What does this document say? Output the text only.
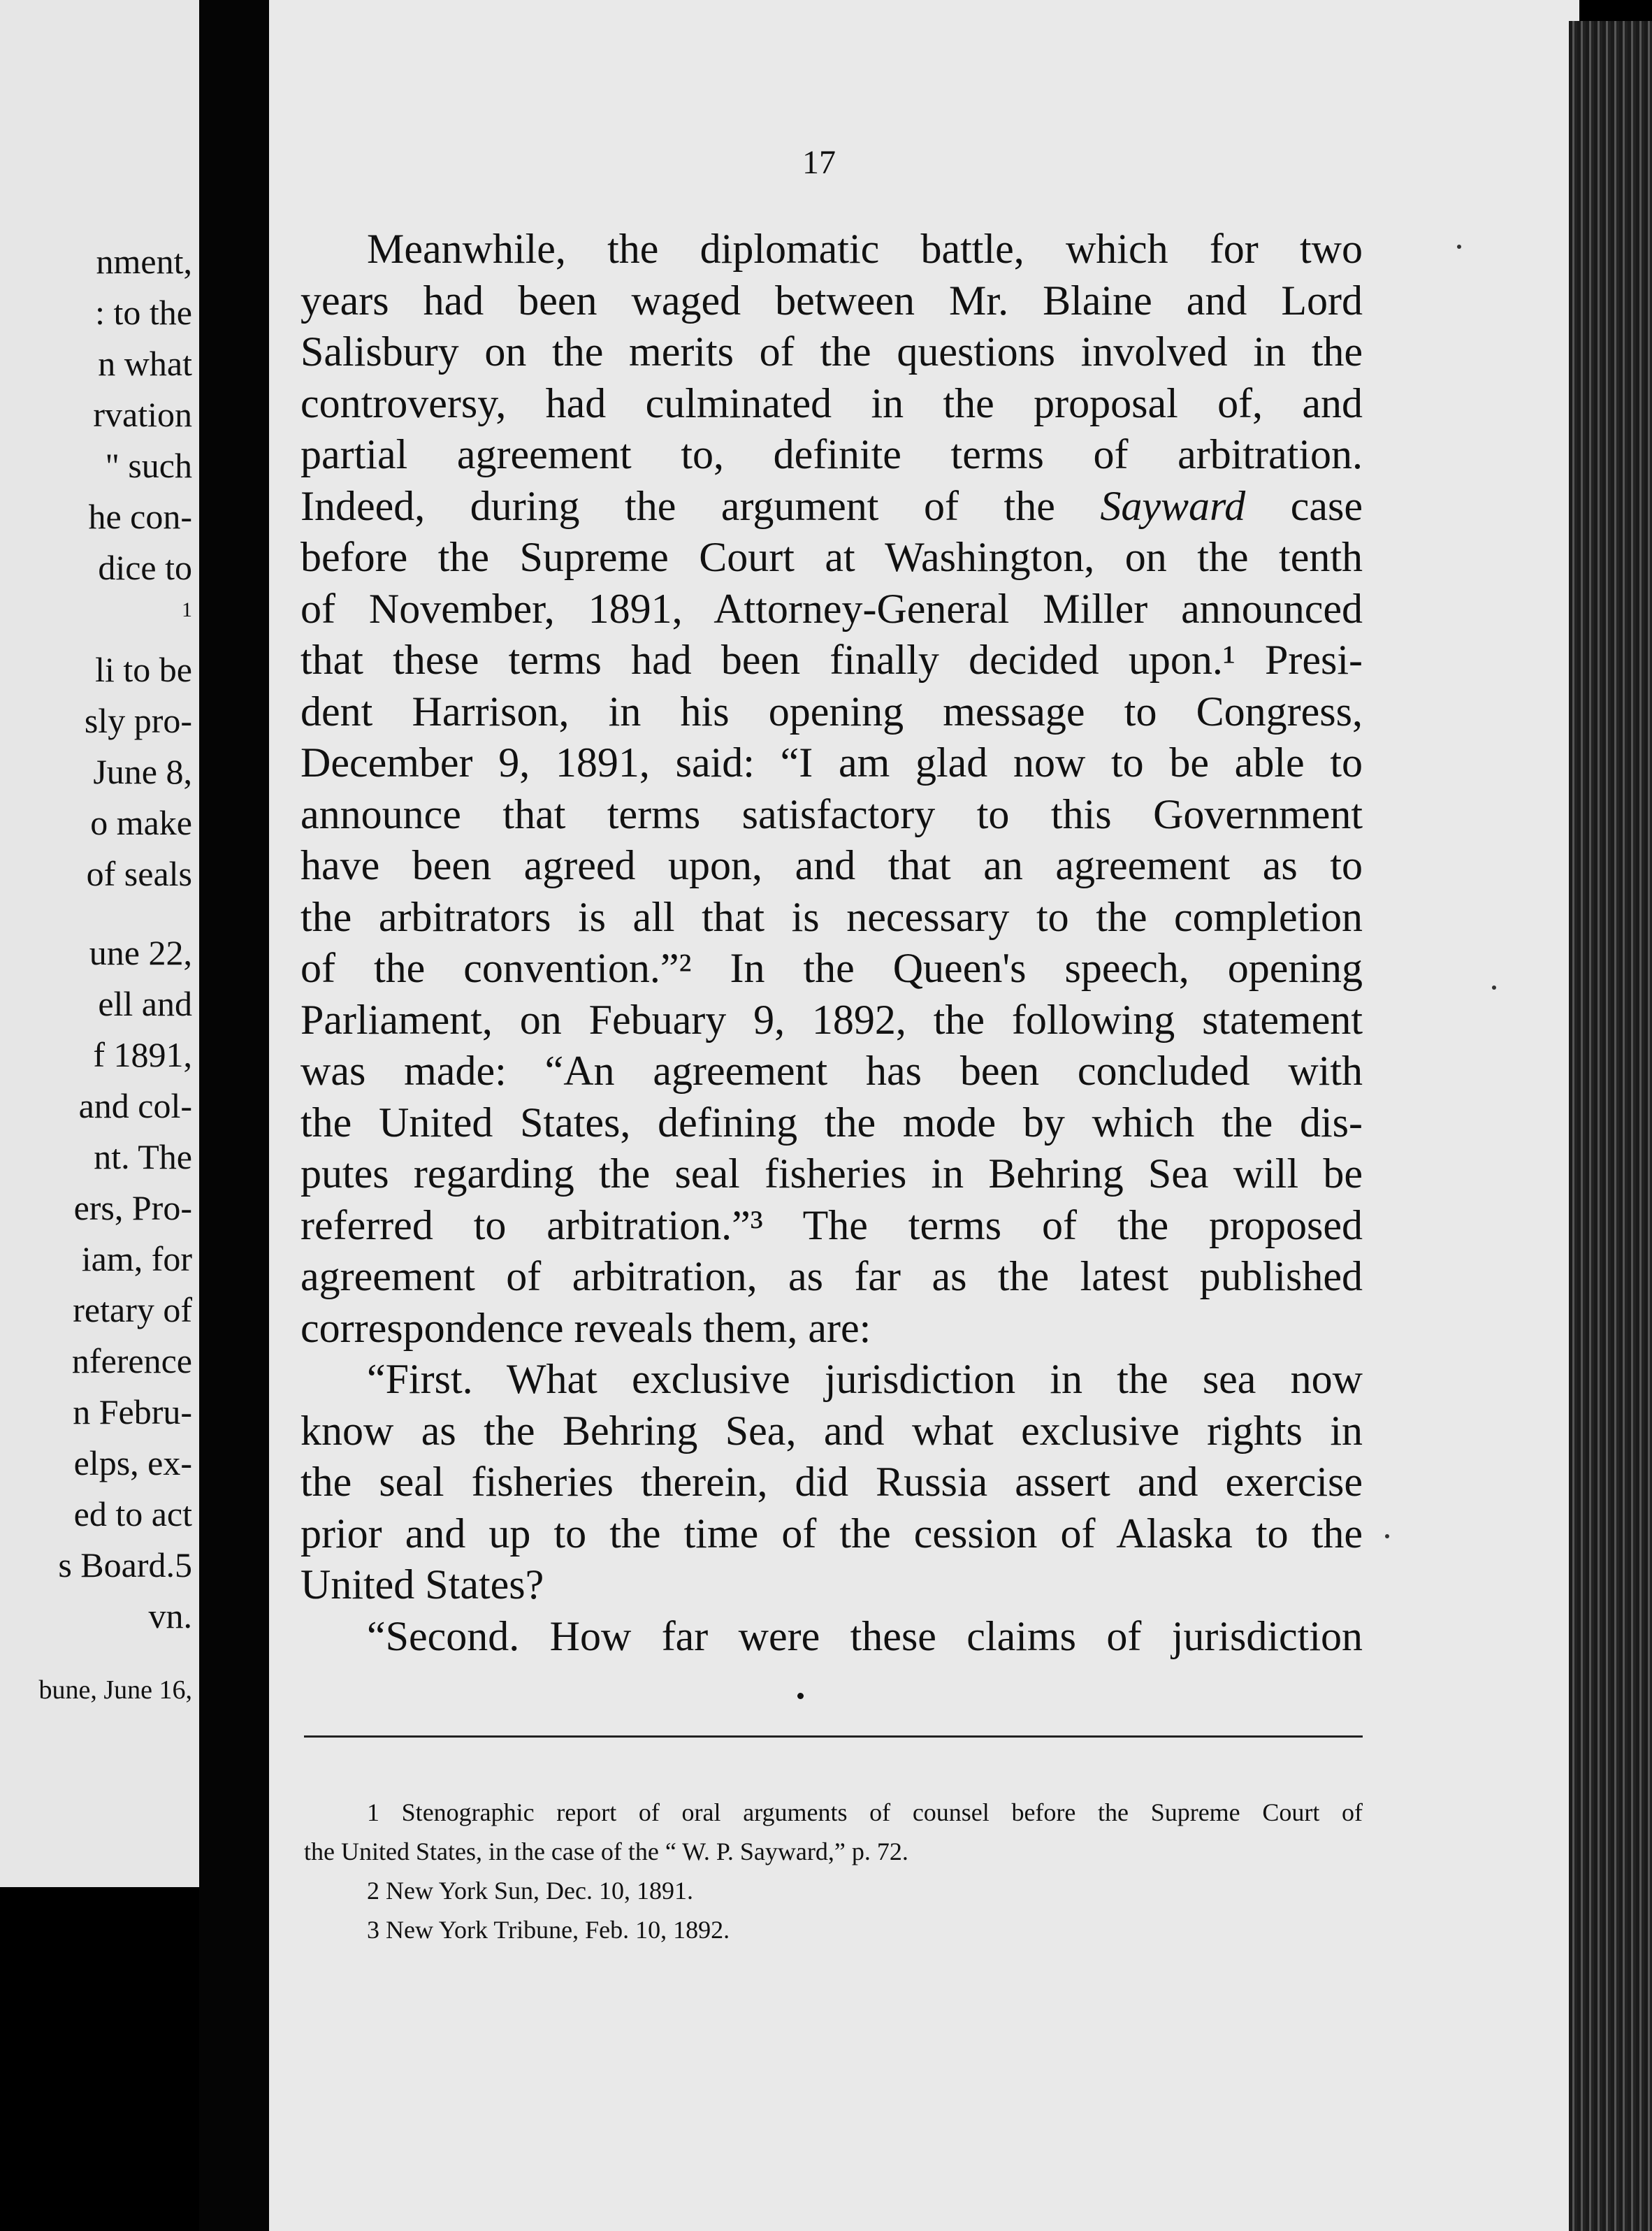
nment,
: to the
n what
rvation
" such
he con-
dice to
1
li to be
sly pro-
June 8,
o make
of seals
une 22,
ell and
f 1891,
and col-
nt. The
ers, Pro-
iam, for
retary of
nference
n Febru-
elps, ex-
ed to act
s Board.5
vn.
bune, June 16,
17
Meanwhile, the diplomatic battle, which for two
years had been waged between Mr. Blaine and Lord
Salisbury on the merits of the questions involved in the
controversy, had culminated in the proposal of, and
partial agreement to, definite terms of arbitration.
Indeed, during the argument of the Sayward case
before the Supreme Court at Washington, on the tenth
of November, 1891, Attorney-General Miller announced
that these terms had been finally decided upon.¹ Presi-
dent Harrison, in his opening message to Congress,
December 9, 1891, said: “I am glad now to be able to
announce that terms satisfactory to this Government
have been agreed upon, and that an agreement as to
the arbitrators is all that is necessary to the completion
of the convention.”² In the Queen's speech, opening
Parliament, on Febuary 9, 1892, the following statement
was made: “An agreement has been concluded with
the United States, defining the mode by which the dis-
putes regarding the seal fisheries in Behring Sea will be
referred to arbitration.”³ The terms of the proposed
agreement of arbitration, as far as the latest published
correspondence reveals them, are:
“First. What exclusive jurisdiction in the sea now
know as the Behring Sea, and what exclusive rights in
the seal fisheries therein, did Russia assert and exercise
prior and up to the time of the cession of Alaska to the
United States?
“Second. How far were these claims of jurisdiction
1 Stenographic report of oral arguments of counsel before the Supreme Court of
the United States, in the case of the “ W. P. Sayward,” p. 72.
2 New York Sun, Dec. 10, 1891.
3 New York Tribune, Feb. 10, 1892.
